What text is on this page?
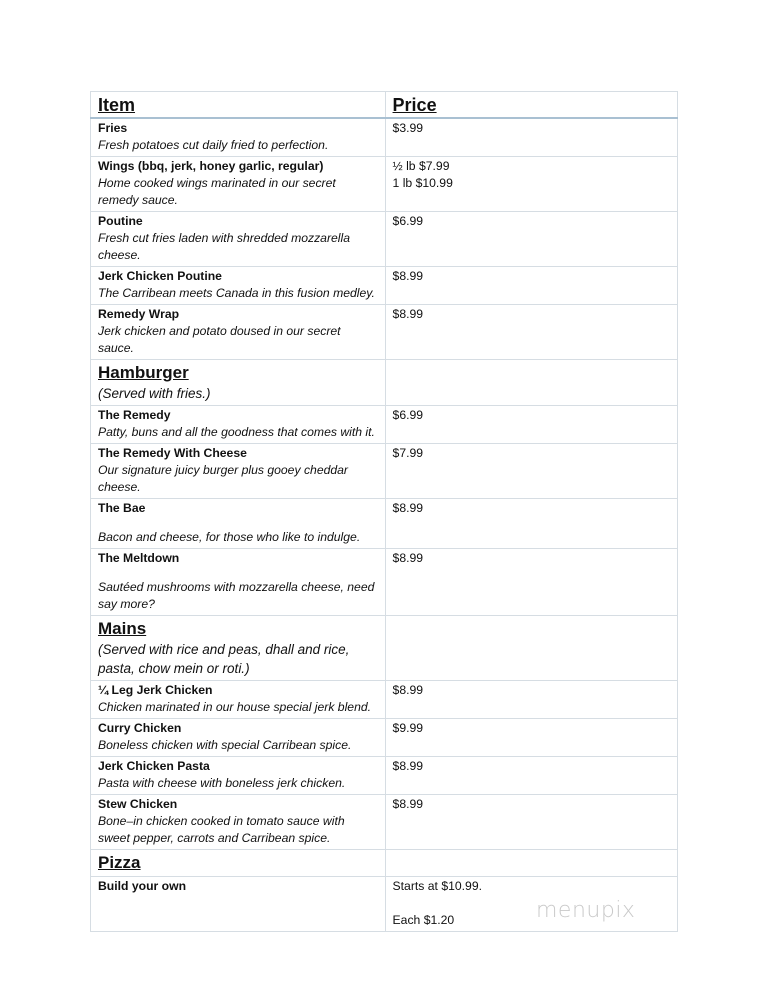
Item	Price

Fries
Fresh potatoes cut daily fried to perfection.	$3.99

Wings (bbq, jerk, honey garlic, regular)
Home cooked wings marinated in our secret remedy sauce.	½ lb $7.99
1 lb $10.99

Poutine
Fresh cut fries laden with shredded mozzarella cheese.	$6.99

Jerk Chicken Poutine
The Carribean meets Canada in this fusion medley.	$8.99

Remedy Wrap
Jerk chicken and potato doused in our secret sauce.	$8.99

Hamburger
(Served with fries.)	

The Remedy
Patty, buns and all the goodness that comes with it.	$6.99

The Remedy With Cheese
Our signature juicy burger plus gooey cheddar cheese.	$7.99

The Bae
Bacon and cheese, for those who like to indulge.	$8.99

The Meltdown
Sautéed mushrooms with mozzarella cheese, need say more?	$8.99

Mains
(Served with rice and peas, dhall and rice, pasta, chow mein or roti.)	

¼ Leg Jerk Chicken
Chicken marinated in our house special jerk blend.	$8.99

Curry Chicken
Boneless chicken with special Carribean spice.	$9.99

Jerk Chicken Pasta
Pasta with cheese with boneless jerk chicken.	$8.99

Stew Chicken
Bone–in chicken cooked in tomato sauce with sweet pepper, carrots and Carribean spice.	$8.99

Pizza	

Build your own	Starts at $10.99.
Each $1.20	menupix
